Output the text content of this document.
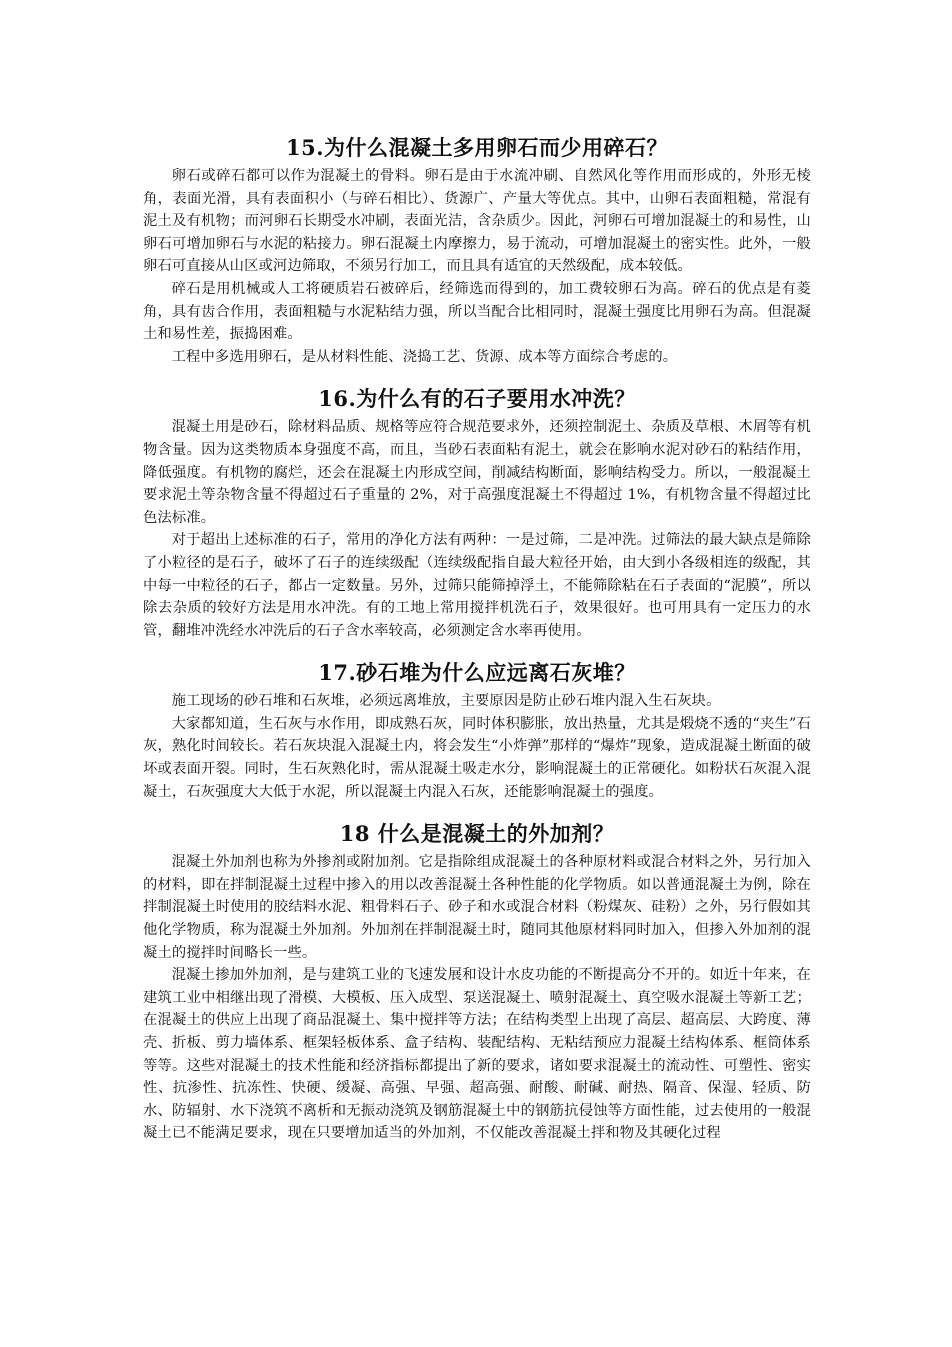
15.为什么混凝土多用卵石而少用碎石？

卵石或碎石都可以作为混凝土的骨料。卵石是由于水流冲刷、自然风化等作用而形成的，外形无棱角，表面光滑，具有表面积小（与碎石相比）、货源广、产量大等优点。其中，山卵石表面粗糙，常混有泥土及有机物；而河卵石长期受水冲刷，表面光洁，含杂质少。因此，河卵石可增加混凝土的和易性，山卵石可增加卵石与水泥的粘接力。卵石混凝土内摩擦力，易于流动，可增加混凝土的密实性。此外，一般卵石可直接从山区或河边筛取，不须另行加工，而且具有适宜的天然级配，成本较低。

碎石是用机械或人工将硬质岩石被碎后，经筛选而得到的，加工费较卵石为高。碎石的优点是有菱角，具有齿合作用，表面粗糙与水泥粘结力强，所以当配合比相同时，混凝土强度比用卵石为高。但混凝土和易性差，振捣困难。

工程中多选用卵石，是从材料性能、浇捣工艺、货源、成本等方面综合考虑的。

16.为什么有的石子要用水冲洗？

混凝土用是砂石，除材料品质、规格等应符合规范要求外，还须控制泥土、杂质及草根、木屑等有机物含量。因为这类物质本身强度不高，而且，当砂石表面粘有泥土，就会在影响水泥对砂石的粘结作用，降低强度。有机物的腐烂，还会在混凝土内形成空间，削减结构断面，影响结构受力。所以，一般混凝土要求泥土等杂物含量不得超过石子重量的 2%，对于高强度混凝土不得超过 1%，有机物含量不得超过比色法标准。

对于超出上述标准的石子，常用的净化方法有两种：一是过筛，二是冲洗。过筛法的最大缺点是筛除了小粒径的是石子，破坏了石子的连续级配（连续级配指自最大粒径开始，由大到小各级相连的级配，其中每一中粒径的石子，都占一定数量。另外，过筛只能筛掉浮土，不能筛除粘在石子表面的“泥膜”，所以除去杂质的较好方法是用水冲洗。有的工地上常用搅拌机洗石子，效果很好。也可用具有一定压力的水管，翻堆冲洗经水冲洗后的石子含水率较高，必须测定含水率再使用。

17.砂石堆为什么应远离石灰堆？

施工现场的砂石堆和石灰堆，必须远离堆放，主要原因是防止砂石堆内混入生石灰块。

大家都知道，生石灰与水作用，即成熟石灰，同时体积膨胀，放出热量，尤其是煅烧不透的“夹生”石灰，熟化时间较长。若石灰块混入混凝土内，将会发生“小炸弹”那样的“爆炸”现象，造成混凝土断面的破坏或表面开裂。同时，生石灰熟化时，需从混凝土吸走水分，影响混凝土的正常硬化。如粉状石灰混入混凝土，石灰强度大大低于水泥，所以混凝土内混入石灰，还能影响混凝土的强度。

18 什么是混凝土的外加剂？

混凝土外加剂也称为外掺剂或附加剂。它是指除组成混凝土的各种原材料或混合材料之外，另行加入的材料，即在拌制混凝土过程中掺入的用以改善混凝土各种性能的化学物质。如以普通混凝土为例，除在拌制混凝土时使用的胶结料水泥、粗骨料石子、砂子和水或混合材料（粉煤灰、硅粉）之外，另行假如其他化学物质，称为混凝土外加剂。外加剂在拌制混凝土时，随同其他原材料同时加入，但掺入外加剂的混凝土的搅拌时间略长一些。

混凝土掺加外加剂，是与建筑工业的飞速发展和设计水皮功能的不断提高分不开的。如近十年来，在建筑工业中相继出现了滑模、大模板、压入成型、泵送混凝土、喷射混凝土、真空吸水混凝土等新工艺；在混凝土的供应上出现了商品混凝土、集中搅拌等方法；在结构类型上出现了高层、超高层、大跨度、薄壳、折板、剪力墙体系、框架轻板体系、盒子结构、装配结构、无粘结预应力混凝土结构体系、框筒体系等等。这些对混凝土的技术性能和经济指标都提出了新的要求，诸如要求混凝土的流动性、可塑性、密实性、抗渗性、抗冻性、快硬、缓凝、高强、早强、超高强、耐酸、耐碱、耐热、隔音、保湿、轻质、防水、防辐射、水下浇筑不离析和无振动浇筑及钢筋混凝土中的钢筋抗侵蚀等方面性能，过去使用的一般混凝土已不能满足要求，现在只要增加适当的外加剂，不仅能改善混凝土拌和物及其硬化过程
